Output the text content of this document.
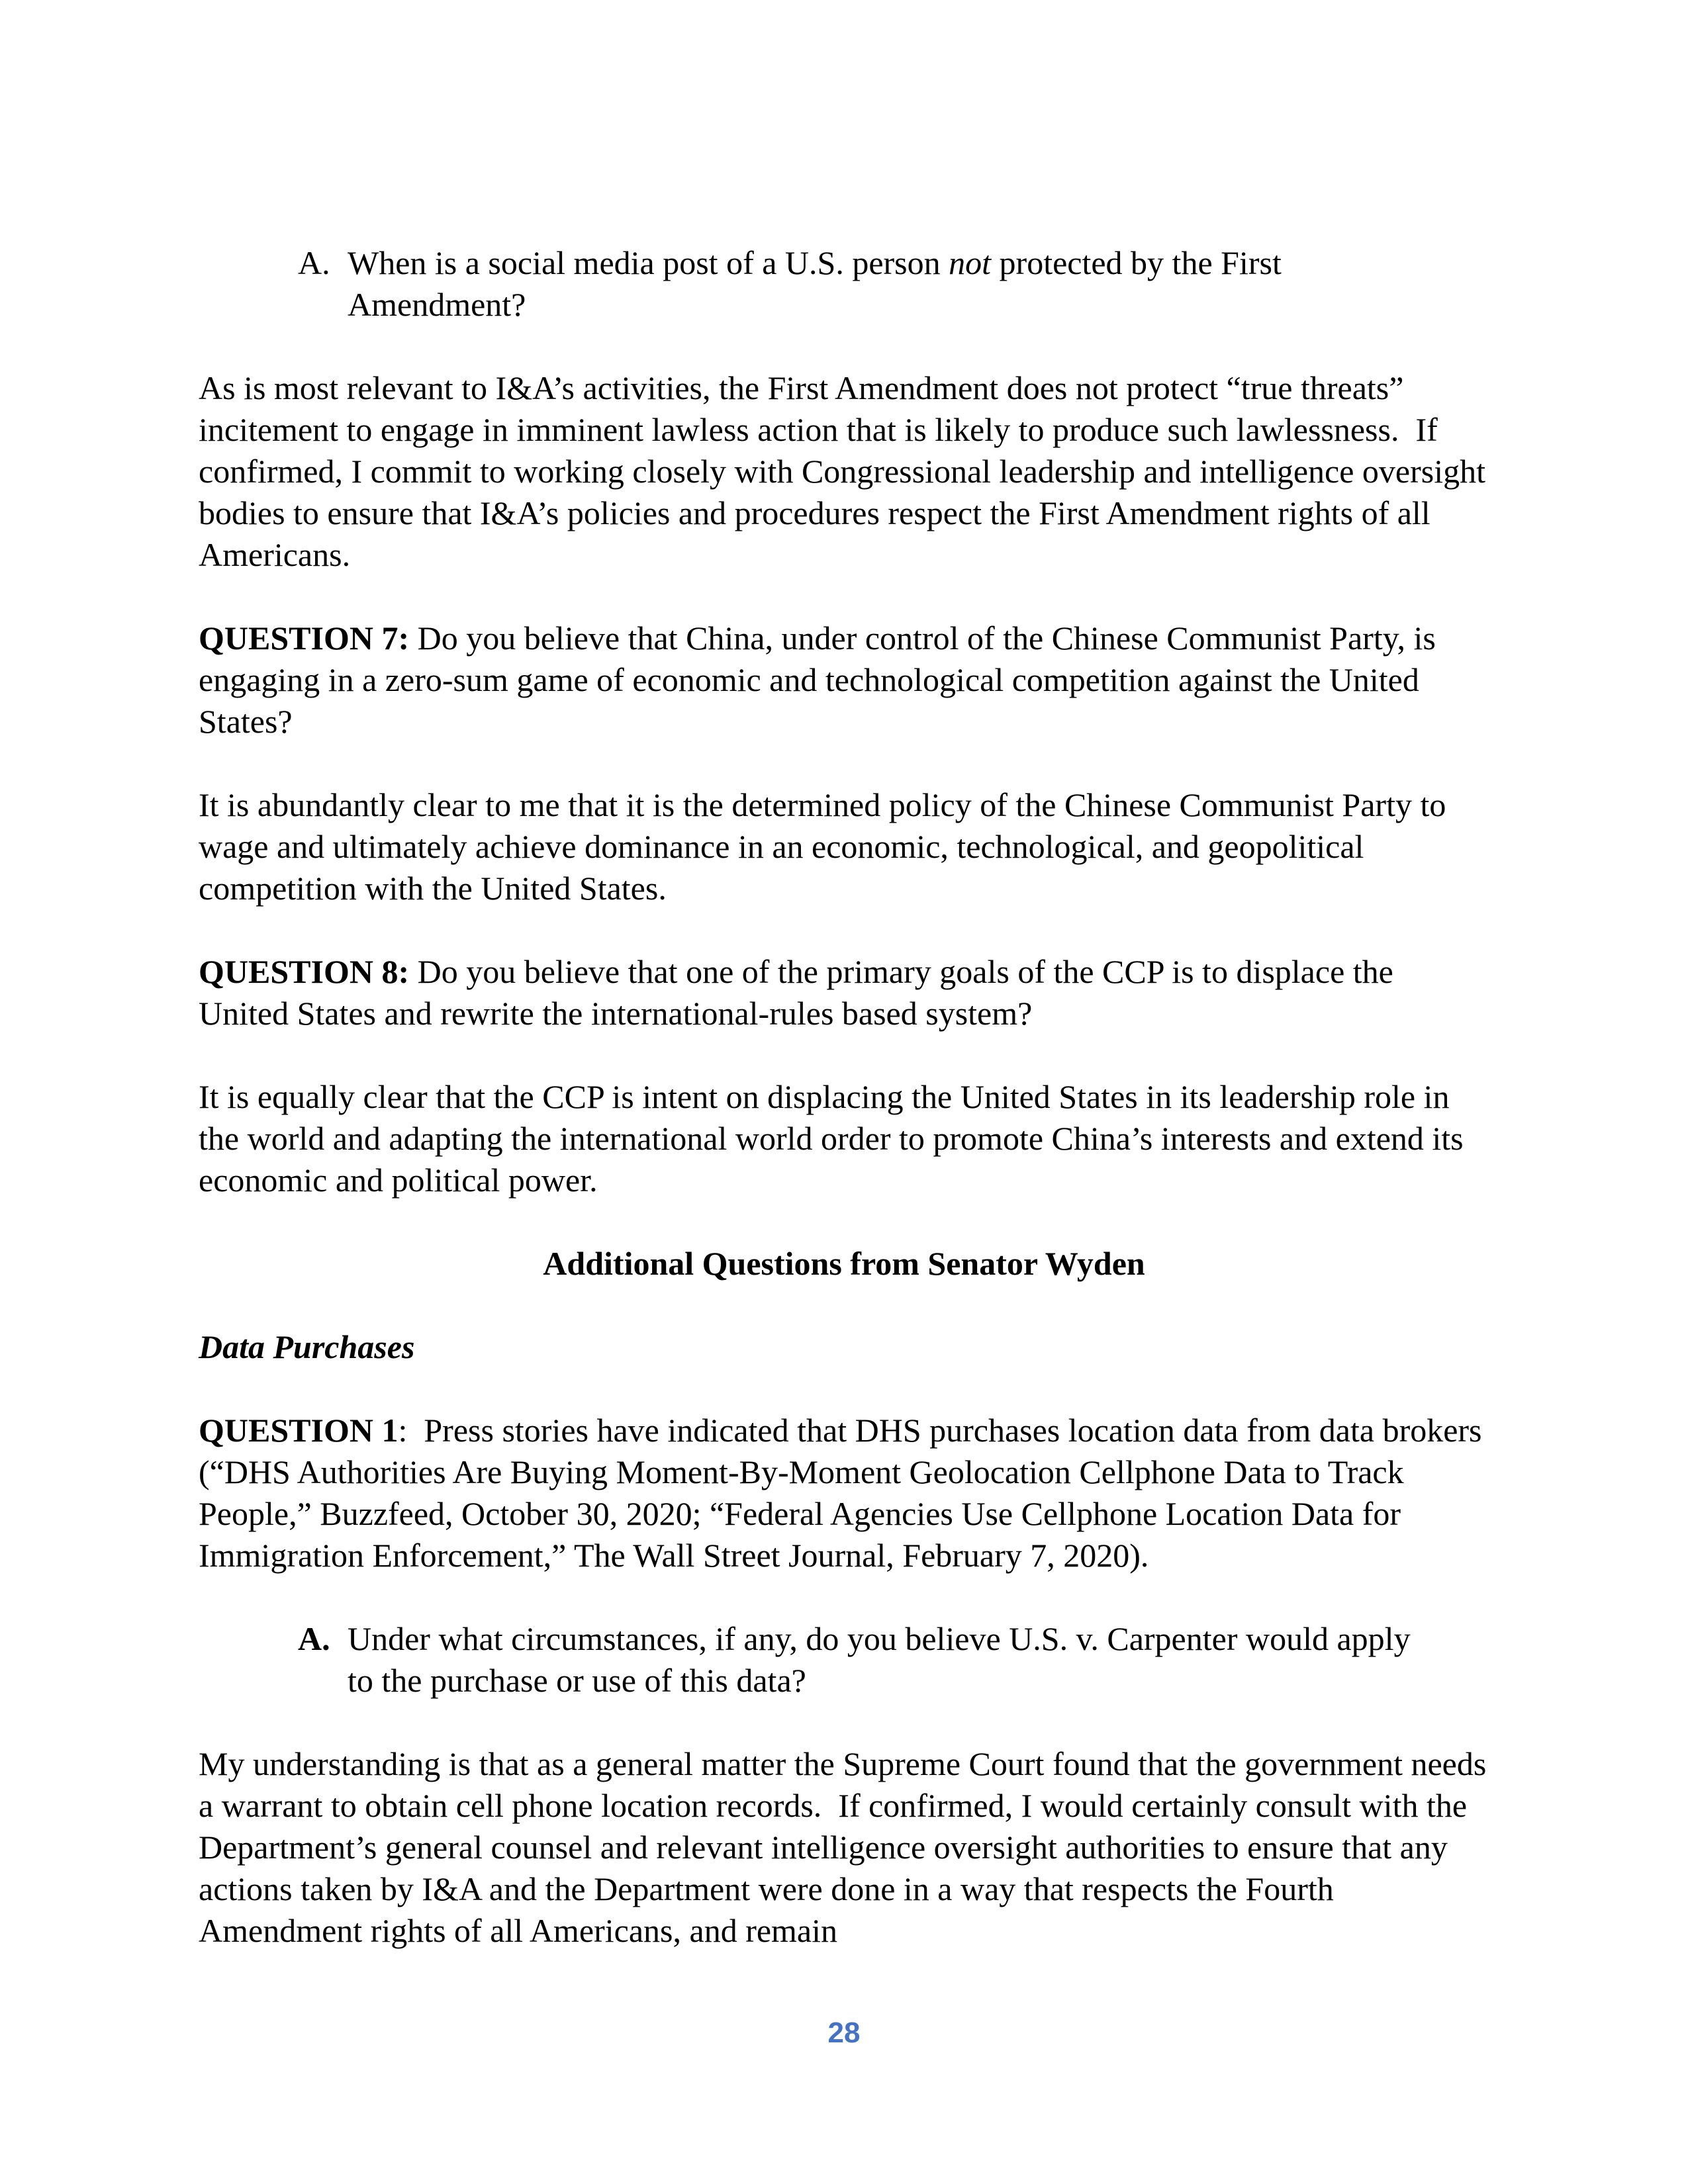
A. When is a social media post of a U.S. person not protected by the First Amendment?

As is most relevant to I&A’s activities, the First Amendment does not protect “true threats” incitement to engage in imminent lawless action that is likely to produce such lawlessness.  If confirmed, I commit to working closely with Congressional leadership and intelligence oversight bodies to ensure that I&A’s policies and procedures respect the First Amendment rights of all Americans.

QUESTION 7: Do you believe that China, under control of the Chinese Communist Party, is engaging in a zero-sum game of economic and technological competition against the United States?

It is abundantly clear to me that it is the determined policy of the Chinese Communist Party to wage and ultimately achieve dominance in an economic, technological, and geopolitical competition with the United States.

QUESTION 8: Do you believe that one of the primary goals of the CCP is to displace the United States and rewrite the international-rules based system?

It is equally clear that the CCP is intent on displacing the United States in its leadership role in the world and adapting the international world order to promote China’s interests and extend its economic and political power.

Additional Questions from Senator Wyden
Data Purchases

QUESTION 1:  Press stories have indicated that DHS purchases location data from data brokers (“DHS Authorities Are Buying Moment-By-Moment Geolocation Cellphone Data to Track People,” Buzzfeed, October 30, 2020; “Federal Agencies Use Cellphone Location Data for Immigration Enforcement,” The Wall Street Journal, February 7, 2020).

A. Under what circumstances, if any, do you believe U.S. v. Carpenter would apply to the purchase or use of this data?

My understanding is that as a general matter the Supreme Court found that the government needs a warrant to obtain cell phone location records.  If confirmed, I would certainly consult with the Department’s general counsel and relevant intelligence oversight authorities to ensure that any actions taken by I&A and the Department were done in a way that respects the Fourth Amendment rights of all Americans, and remain

28
